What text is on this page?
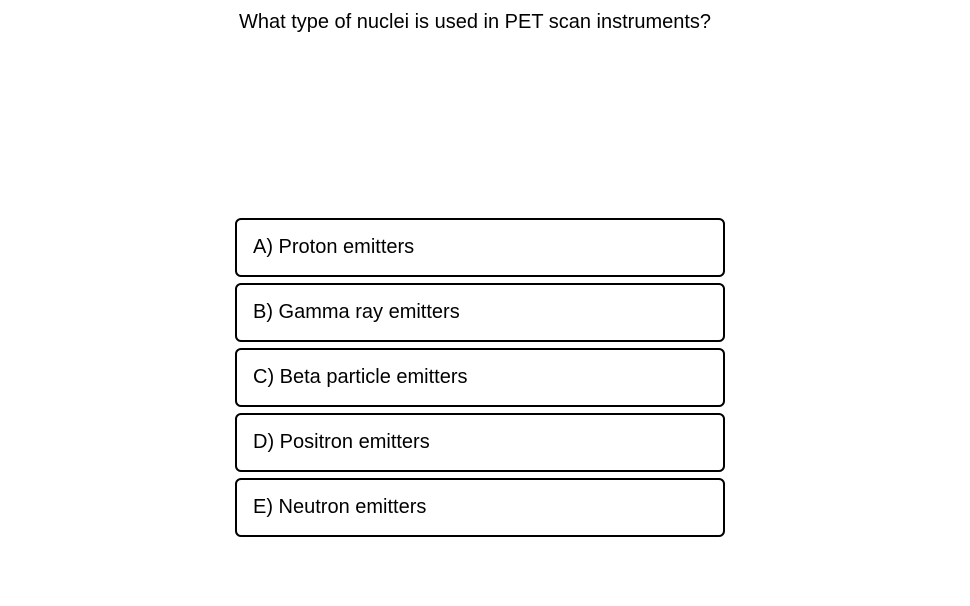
What type of nuclei is used in PET scan instruments?
A) Proton emitters
B) Gamma ray emitters
C) Beta particle emitters
D) Positron emitters
E) Neutron emitters
